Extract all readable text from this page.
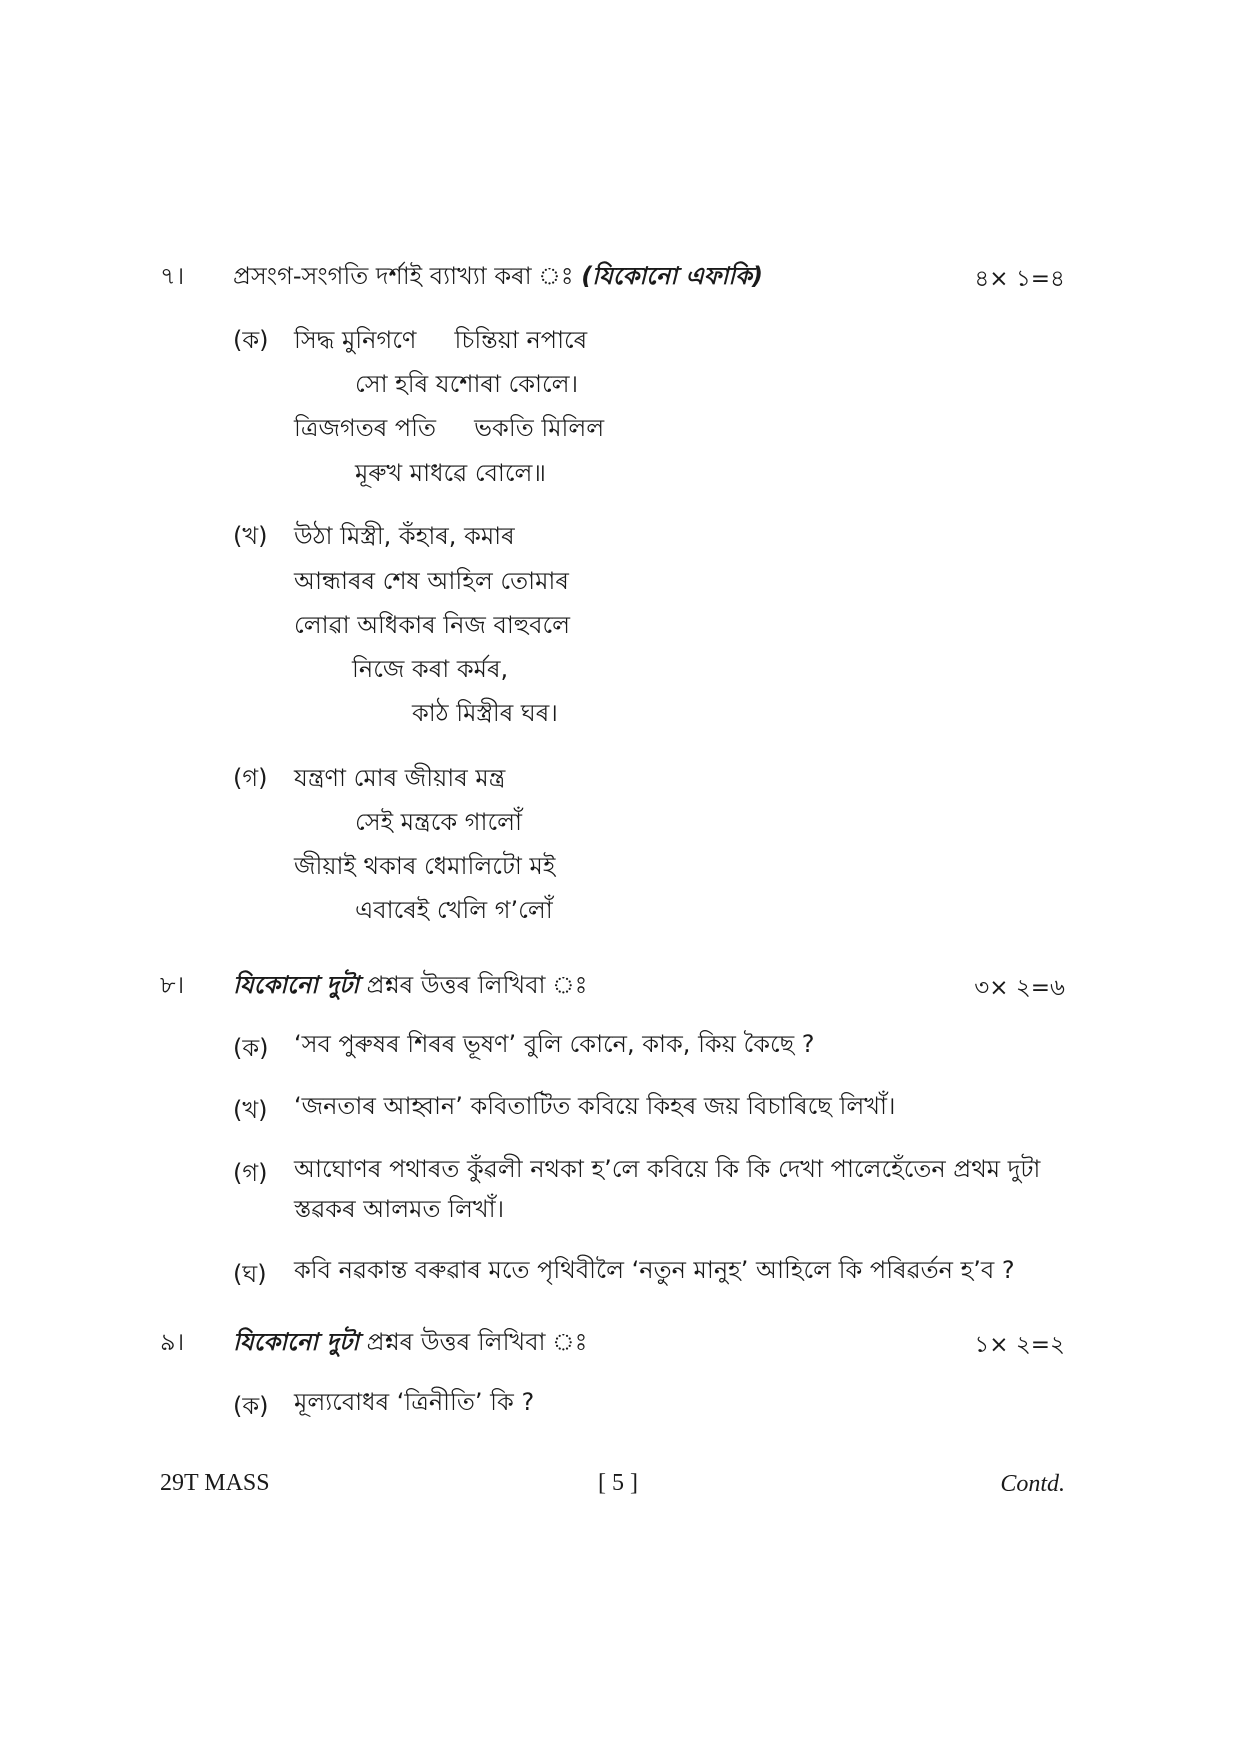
৭। প্ৰসংগ-সংগতি দৰ্শাই ব্যাখ্যা কৰা ঃ (যিকোনো এফাকি)	৪× ১=৪
(ক) সিদ্ধ মুনিগণে     চিন্তিয়া নপাৰে
সো হৰি যশোৰা কোলে।
ত্ৰিজগতৰ পতি     ভকতি মিলিল
মূৰুখ মাধৱে বোলে॥
(খ) উঠা মিস্ত্ৰী, কঁহাৰ, কমাৰ
আন্ধাৰৰ শেষ আহিল তোমাৰ
লোৱা অধিকাৰ নিজ বাহুবলে
নিজে কৰা কৰ্মৰ,
কাঠ মিস্ত্ৰীৰ ঘৰ।
(গ) যন্ত্ৰণা মোৰ জীয়াৰ মন্ত্ৰ
সেই মন্ত্ৰকে গালোঁ
জীয়াই থকাৰ ধেমালিটো মই
এবাৰেই খেলি গ’লোঁ
৮। যিকোনো দুটা প্ৰশ্নৰ উত্তৰ লিখিবা ঃ	৩× ২=৬
(ক) ‘সব পুৰুষৰ শিৰৰ ভূষণ’ বুলি কোনে, কাক, কিয় কৈছে ?
(খ) ‘জনতাৰ আহ্বান’ কবিতাটিত কবিয়ে কিহৰ জয় বিচাৰিছে লিখাঁ।
(গ) আঘোণৰ পথাৰত কুঁৱলী নথকা হ’লে কবিয়ে কি কি দেখা পালেহেঁতেন প্ৰথম দুটা স্তৱকৰ আলমত লিখাঁ।
(ঘ) কবি নৱকান্ত বৰুৱাৰ মতে পৃথিবীলৈ ‘নতুন মানুহ’ আহিলে কি পৰিৱৰ্তন হ’ব ?
৯। যিকোনো দুটা প্ৰশ্নৰ উত্তৰ লিখিবা ঃ	১× ২=২
(ক) মূল্যবোধৰ ‘ত্ৰিনীতি’ কি ?
29T MASS	[ 5 ]	Contd.
